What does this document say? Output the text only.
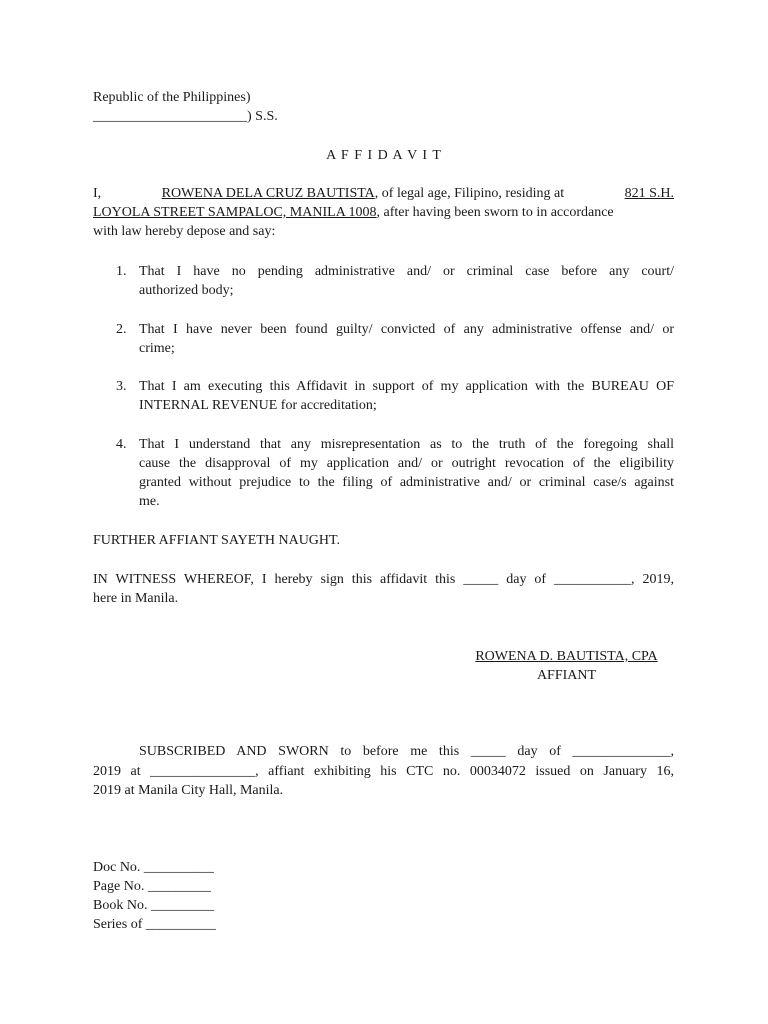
Republic of the Philippines)
______________________) S.S.
A F F I D A V I T
I,	ROWENA DELA CRUZ BAUTISTA, of legal age, Filipino, residing at	821 S.H.
LOYOLA STREET SAMPALOC, MANILA 1008, after having been sworn to in accordance
with law hereby depose and say:
1. That I have no pending administrative and/ or criminal case before any court/
authorized body;
2. That I have never been found guilty/ convicted of any administrative offense and/ or
crime;
3. That I am executing this Affidavit in support of my application with the BUREAU OF
INTERNAL REVENUE for accreditation;
4. That I understand that any misrepresentation as to the truth of the foregoing shall
cause the disapproval of my application and/ or outright revocation of the eligibility
granted without prejudice to the filing of administrative and/ or criminal case/s against
me.
FURTHER AFFIANT SAYETH NAUGHT.
IN WITNESS WHEREOF, I hereby sign this affidavit this _____ day of ___________, 2019,
here in Manila.
ROWENA D. BAUTISTA, CPA
AFFIANT
SUBSCRIBED AND SWORN to before me this _____ day of ______________,
2019 at _______________, affiant exhibiting his CTC no. 00034072 issued on January 16,
2019 at Manila City Hall, Manila.
Doc No. __________
Page No. _________
Book No. _________
Series of __________
